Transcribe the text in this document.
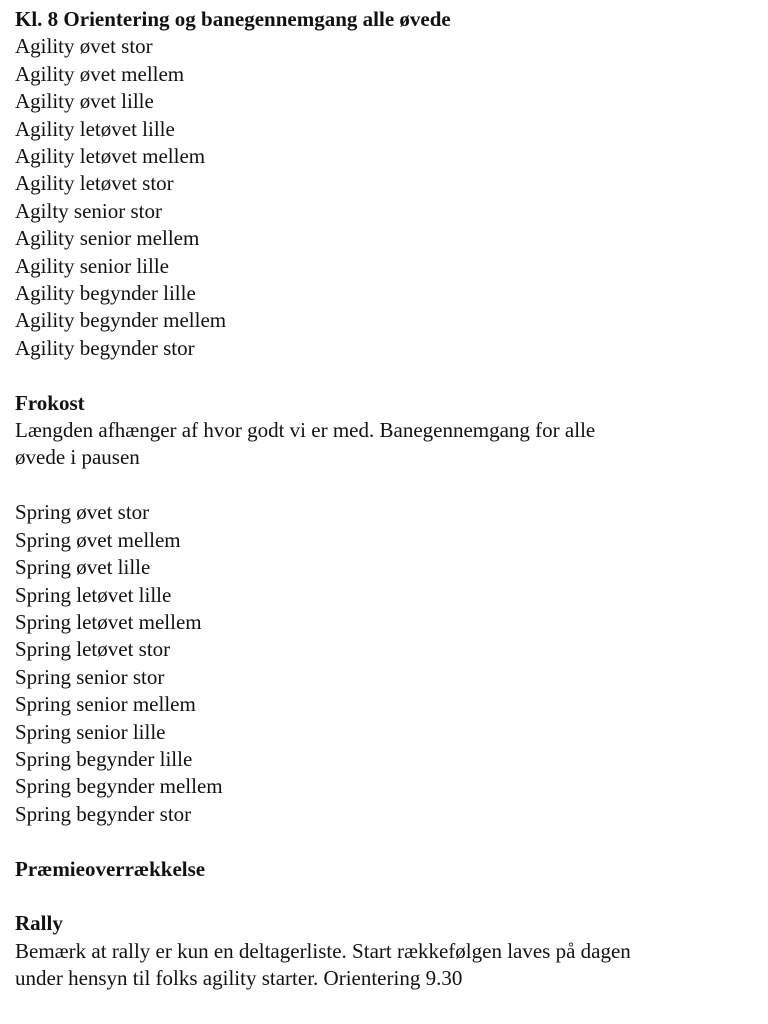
Kl. 8 Orientering og banegennemgang alle øvede
Agility øvet stor
Agility øvet mellem
Agility øvet lille
Agility letøvet lille
Agility letøvet mellem
Agility letøvet stor
Agilty senior stor
Agility senior mellem
Agility senior lille
Agility begynder lille
Agility begynder mellem
Agility begynder stor
Frokost
Længden afhænger af hvor godt vi er med. Banegennemgang for alle
øvede i pausen
Spring øvet stor
Spring øvet mellem
Spring øvet lille
Spring letøvet lille
Spring letøvet mellem
Spring letøvet stor
Spring senior stor
Spring senior mellem
Spring senior lille
Spring begynder lille
Spring begynder mellem
Spring begynder stor
Præmieoverrækkelse
Rally
Bemærk at rally er kun en deltagerliste. Start rækkefølgen laves på dagen
under hensyn til folks agility starter. Orientering 9.30
